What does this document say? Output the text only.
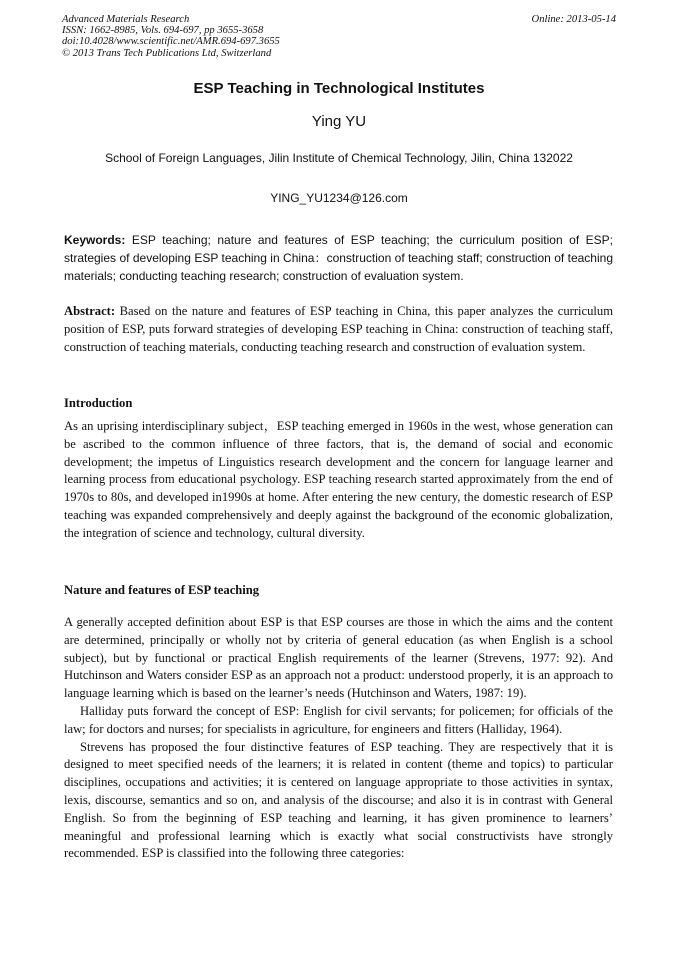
Advanced Materials Research
ISSN: 1662-8985, Vols. 694-697, pp 3655-3658
doi:10.4028/www.scientific.net/AMR.694-697.3655
© 2013 Trans Tech Publications Ltd, Switzerland
Online: 2013-05-14
ESP Teaching in Technological Institutes
Ying YU
School of Foreign Languages, Jilin Institute of Chemical Technology, Jilin, China 132022
YING_YU1234@126.com
Keywords: ESP teaching; nature and features of ESP teaching; the curriculum position of ESP; strategies of developing ESP teaching in China：construction of teaching staff; construction of teaching materials; conducting teaching research; construction of evaluation system.
Abstract: Based on the nature and features of ESP teaching in China, this paper analyzes the curriculum position of ESP, puts forward strategies of developing ESP teaching in China: construction of teaching staff, construction of teaching materials, conducting teaching research and construction of evaluation system.
Introduction
As an uprising interdisciplinary subject，ESP teaching emerged in 1960s in the west, whose generation can be ascribed to the common influence of three factors, that is, the demand of social and economic development; the impetus of Linguistics research development and the concern for language learner and learning process from educational psychology. ESP teaching research started approximately from the end of 1970s to 80s, and developed in1990s at home. After entering the new century, the domestic research of ESP teaching was expanded comprehensively and deeply against the background of the economic globalization, the integration of science and technology, cultural diversity.
Nature and features of ESP teaching

A generally accepted definition about ESP is that ESP courses are those in which the aims and the content are determined, principally or wholly not by criteria of general education (as when English is a school subject), but by functional or practical English requirements of the learner (Strevens, 1977: 92). And Hutchinson and Waters consider ESP as an approach not a product: understood properly, it is an approach to language learning which is based on the learner’s needs (Hutchinson and Waters, 1987: 19).

Halliday puts forward the concept of ESP: English for civil servants; for policemen; for officials of the law; for doctors and nurses; for specialists in agriculture, for engineers and fitters (Halliday, 1964).

Strevens has proposed the four distinctive features of ESP teaching. They are respectively that it is designed to meet specified needs of the learners; it is related in content (theme and topics) to particular disciplines, occupations and activities; it is centered on language appropriate to those activities in syntax, lexis, discourse, semantics and so on, and analysis of the discourse; and also it is in contrast with General English. So from the beginning of ESP teaching and learning, it has given prominence to learners’ meaningful and professional learning which is exactly what social constructivists have strongly recommended. ESP is classified into the following three categories:
